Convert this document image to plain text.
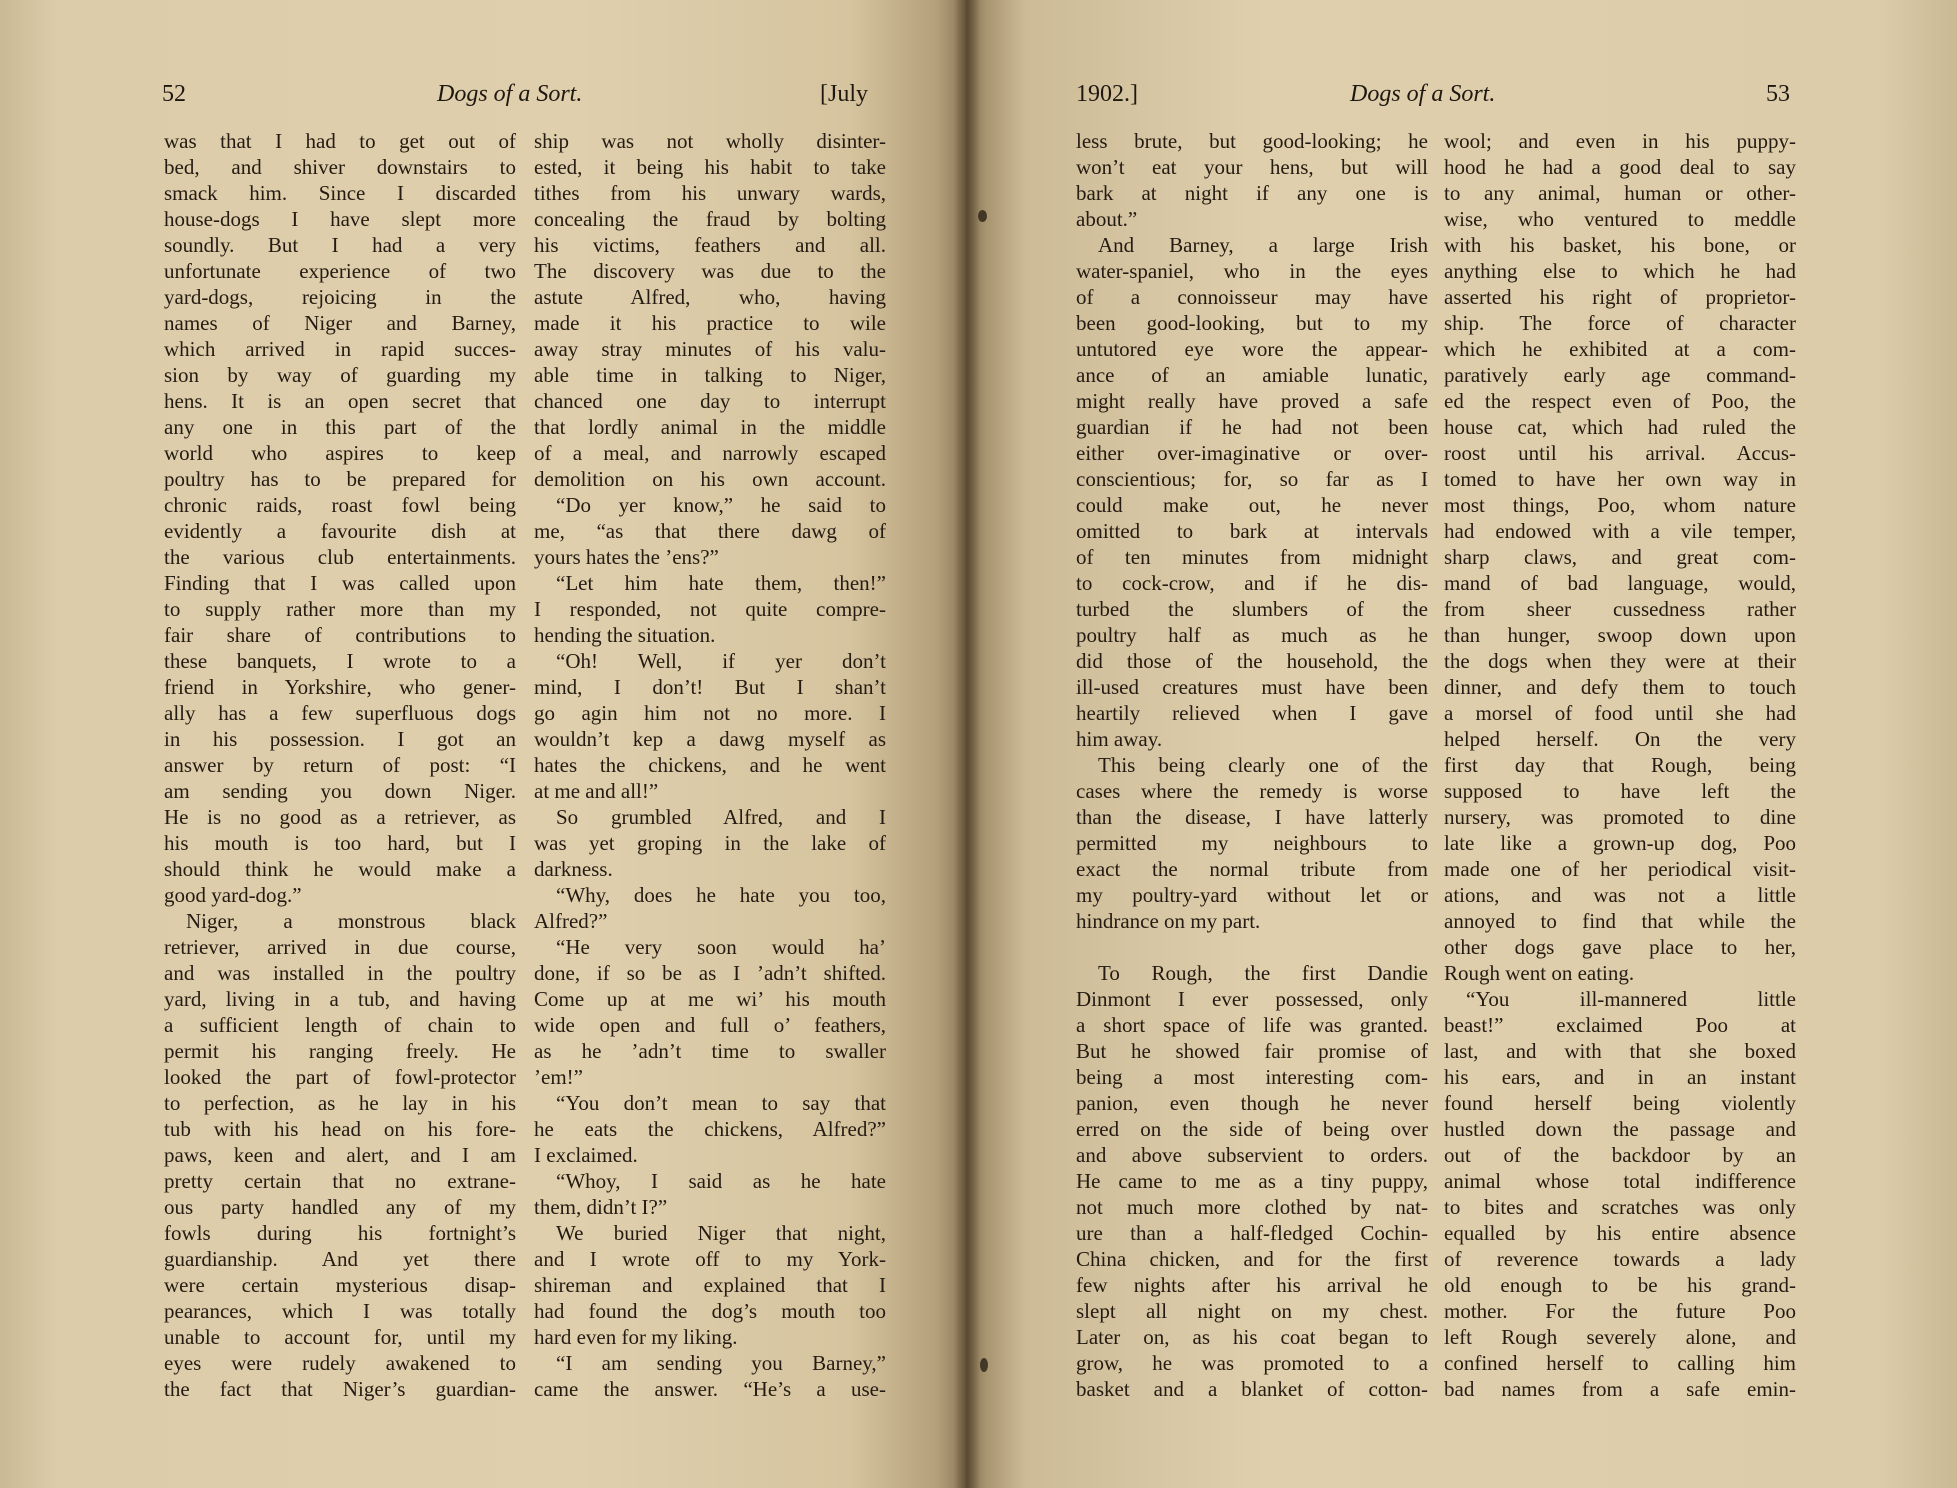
52	Dogs of a Sort.	[July
was that I had to get out of
bed, and shiver downstairs to
smack him. Since I discarded
house-dogs I have slept more
soundly. But I had a very
unfortunate experience of two
yard-dogs, rejoicing in the
names of Niger and Barney,
which arrived in rapid succes-
sion by way of guarding my
hens. It is an open secret that
any one in this part of the
world who aspires to keep
poultry has to be prepared for
chronic raids, roast fowl being
evidently a favourite dish at
the various club entertainments.
Finding that I was called upon
to supply rather more than my
fair share of contributions to
these banquets, I wrote to a
friend in Yorkshire, who gener-
ally has a few superfluous dogs
in his possession. I got an
answer by return of post: “I
am sending you down Niger.
He is no good as a retriever, as
his mouth is too hard, but I
should think he would make a
good yard-dog.”
Niger, a monstrous black
retriever, arrived in due course,
and was installed in the poultry
yard, living in a tub, and having
a sufficient length of chain to
permit his ranging freely. He
looked the part of fowl-protector
to perfection, as he lay in his
tub with his head on his fore-
paws, keen and alert, and I am
pretty certain that no extrane-
ous party handled any of my
fowls during his fortnight’s
guardianship. And yet there
were certain mysterious disap-
pearances, which I was totally
unable to account for, until my
eyes were rudely awakened to
the fact that Niger’s guardian-
ship was not wholly disinter-
ested, it being his habit to take
tithes from his unwary wards,
concealing the fraud by bolting
his victims, feathers and all.
The discovery was due to the
astute Alfred, who, having
made it his practice to wile
away stray minutes of his valu-
able time in talking to Niger,
chanced one day to interrupt
that lordly animal in the middle
of a meal, and narrowly escaped
demolition on his own account.
“Do yer know,” he said to
me, “as that there dawg of
yours hates the ’ens?”
“Let him hate them, then!”
I responded, not quite compre-
hending the situation.
“Oh! Well, if yer don’t
mind, I don’t! But I shan’t
go agin him not no more. I
wouldn’t kep a dawg myself as
hates the chickens, and he went
at me and all!”
So grumbled Alfred, and I
was yet groping in the lake of
darkness.
“Why, does he hate you too,
Alfred?”
“He very soon would ha’
done, if so be as I ’adn’t shifted.
Come up at me wi’ his mouth
wide open and full o’ feathers,
as he ’adn’t time to swaller
’em!”
“You don’t mean to say that
he eats the chickens, Alfred?”
I exclaimed.
“Whoy, I said as he hate
them, didn’t I?”
We buried Niger that night,
and I wrote off to my York-
shireman and explained that I
had found the dog’s mouth too
hard even for my liking.
“I am sending you Barney,”
came the answer. “He’s a use-
1902.]	Dogs of a Sort.	53
less brute, but good-looking; he
won’t eat your hens, but will
bark at night if any one is
about.”
And Barney, a large Irish
water-spaniel, who in the eyes
of a connoisseur may have
been good-looking, but to my
untutored eye wore the appear-
ance of an amiable lunatic,
might really have proved a safe
guardian if he had not been
either over-imaginative or over-
conscientious; for, so far as I
could make out, he never
omitted to bark at intervals
of ten minutes from midnight
to cock-crow, and if he dis-
turbed the slumbers of the
poultry half as much as he
did those of the household, the
ill-used creatures must have been
heartily relieved when I gave
him away.
This being clearly one of the
cases where the remedy is worse
than the disease, I have latterly
permitted my neighbours to
exact the normal tribute from
my poultry-yard without let or
hindrance on my part.
To Rough, the first Dandie
Dinmont I ever possessed, only
a short space of life was granted.
But he showed fair promise of
being a most interesting com-
panion, even though he never
erred on the side of being over
and above subservient to orders.
He came to me as a tiny puppy,
not much more clothed by nat-
ure than a half-fledged Cochin-
China chicken, and for the first
few nights after his arrival he
slept all night on my chest.
Later on, as his coat began to
grow, he was promoted to a
basket and a blanket of cotton-
wool; and even in his puppy-
hood he had a good deal to say
to any animal, human or other-
wise, who ventured to meddle
with his basket, his bone, or
anything else to which he had
asserted his right of proprietor-
ship. The force of character
which he exhibited at a com-
paratively early age command-
ed the respect even of Poo, the
house cat, which had ruled the
roost until his arrival. Accus-
tomed to have her own way in
most things, Poo, whom nature
had endowed with a vile temper,
sharp claws, and great com-
mand of bad language, would,
from sheer cussedness rather
than hunger, swoop down upon
the dogs when they were at their
dinner, and defy them to touch
a morsel of food until she had
helped herself. On the very
first day that Rough, being
supposed to have left the
nursery, was promoted to dine
late like a grown-up dog, Poo
made one of her periodical visit-
ations, and was not a little
annoyed to find that while the
other dogs gave place to her,
Rough went on eating.
“You ill-mannered little
beast!” exclaimed Poo at
last, and with that she boxed
his ears, and in an instant
found herself being violently
hustled down the passage and
out of the backdoor by an
animal whose total indifference
to bites and scratches was only
equalled by his entire absence
of reverence towards a lady
old enough to be his grand-
mother. For the future Poo
left Rough severely alone, and
confined herself to calling him
bad names from a safe emin-
